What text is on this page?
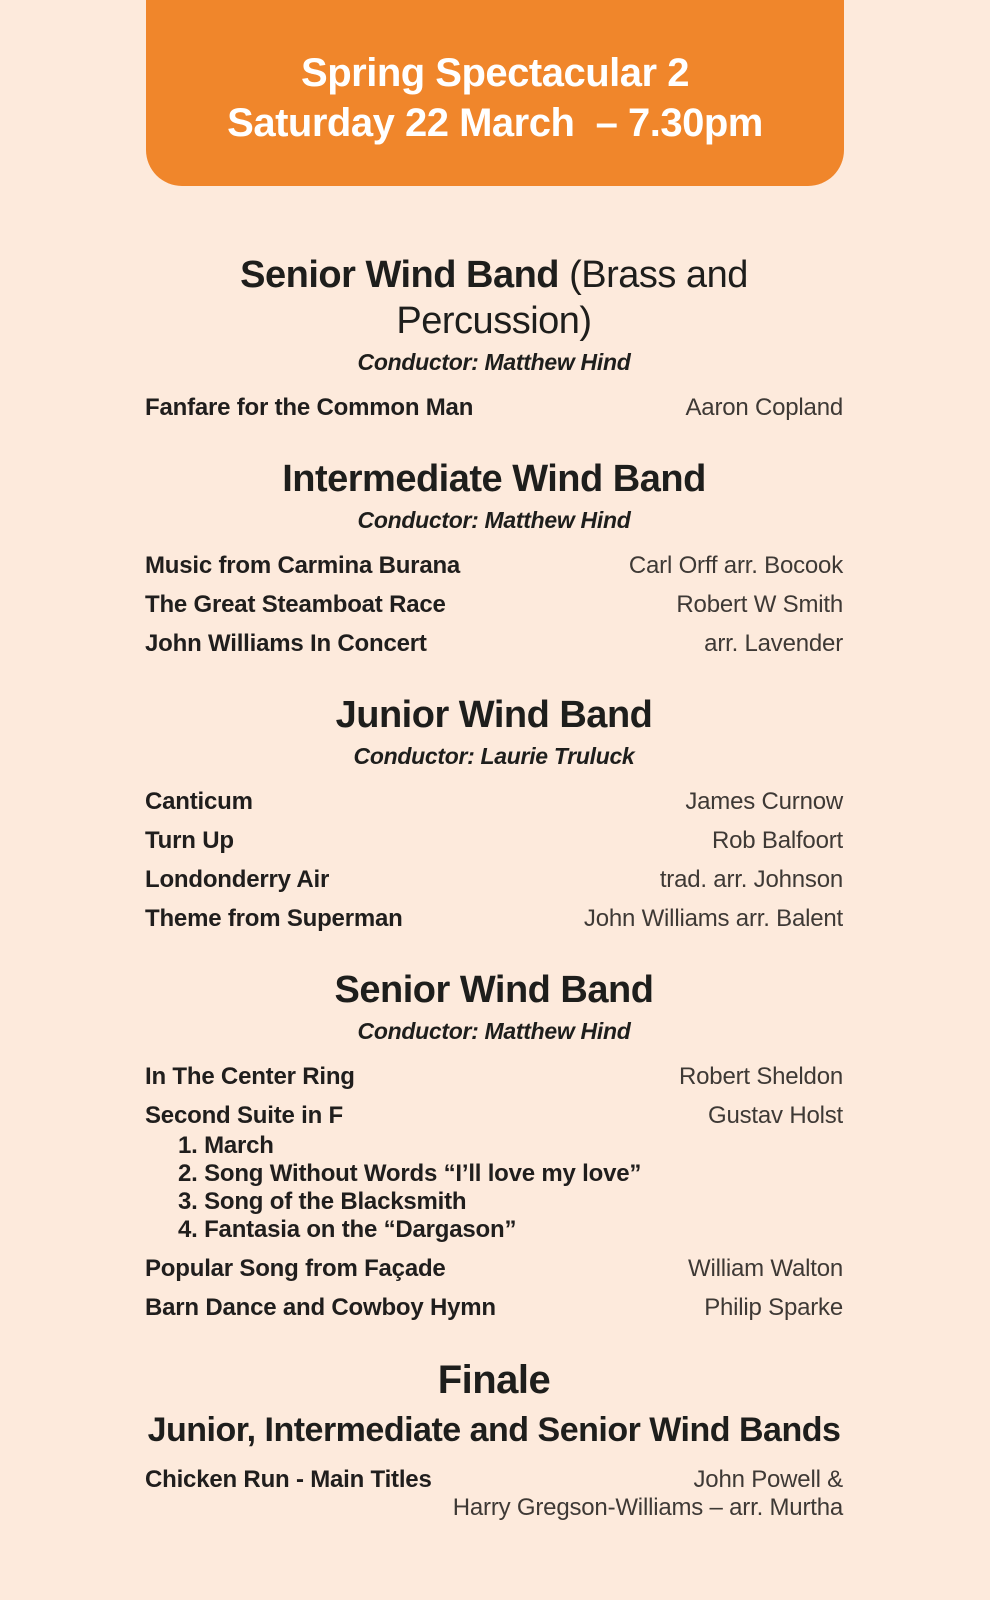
Spring Spectacular 2
Saturday 22 March  – 7.30pm
Senior Wind Band (Brass and Percussion)

Conductor: Matthew Hind

Fanfare for the Common Man	Aaron Copland
Intermediate Wind Band

Conductor: Matthew Hind

Music from Carmina Burana	Carl Orff arr. Bocook
The Great Steamboat Race	Robert W Smith
John Williams In Concert	arr. Lavender
Junior Wind Band

Conductor: Laurie Truluck

Canticum	James Curnow
Turn Up	Rob Balfoort
Londonderry Air	trad. arr. Johnson
Theme from Superman	John Williams arr. Balent
Senior Wind Band

Conductor: Matthew Hind

In The Center Ring	Robert Sheldon
Second Suite in F	Gustav Holst
1. March
2. Song Without Words “I’ll love my love”
3. Song of the Blacksmith
4. Fantasia on the “Dargason”
Popular Song from Façade	William Walton
Barn Dance and Cowboy Hymn	Philip Sparke
Finale
Junior, Intermediate and Senior Wind Bands
Chicken Run - Main Titles	John Powell &
Harry Gregson-Williams – arr. Murtha
